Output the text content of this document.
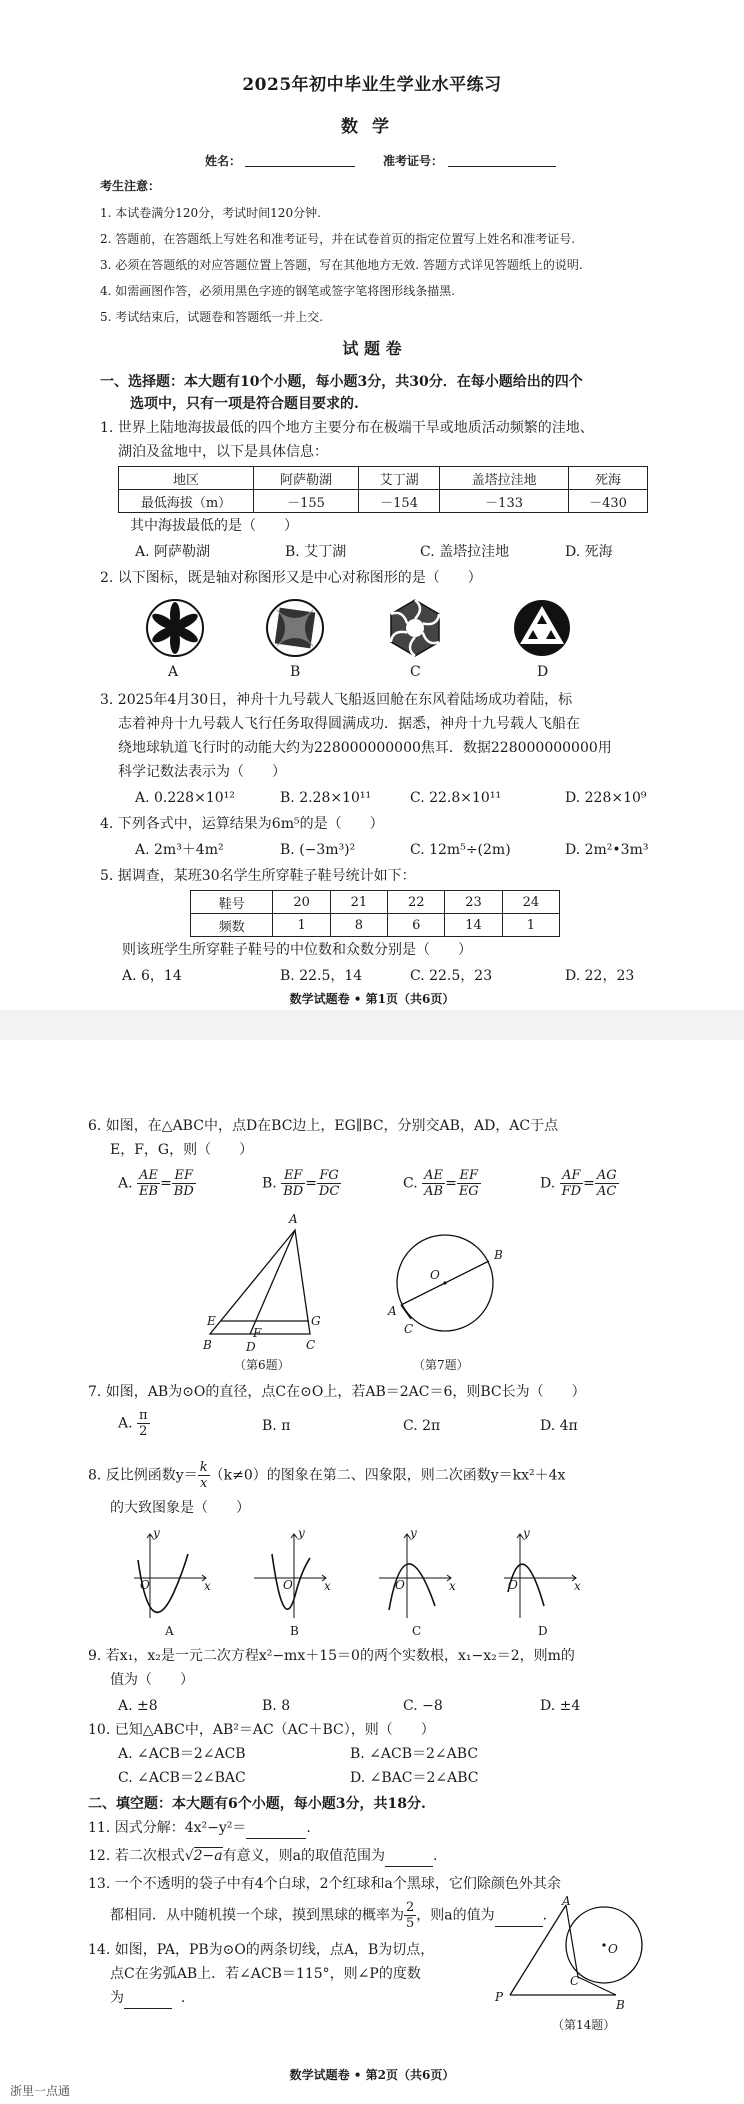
2025年初中毕业生学业水平练习
数学
姓名：	准考证号：
考生注意：
1. 本试卷满分120分，考试时间120分钟.
2. 答题前，在答题纸上写姓名和准考证号，并在试卷首页的指定位置写上姓名和准考证号.
3. 必须在答题纸的对应答题位置上答题，写在其他地方无效. 答题方式详见答题纸上的说明.
4. 如需画图作答，必须用黑色字迹的钢笔或签字笔将图形线条描黑.
5. 考试结束后，试题卷和答题纸一并上交.
试 题 卷
一、选择题：本大题有10个小题，每小题3分，共30分．在每小题给出的四个
选项中，只有一项是符合题目要求的.
1. 世界上陆地海拔最低的四个地方主要分布在极端干旱或地质活动频繁的洼地、
湖泊及盆地中，以下是具体信息：
地区	阿萨勒湖	艾丁湖	盖塔拉洼地	死海
最低海拔（m）	－155	－154	－133	－430
其中海拔最低的是（　　）
A. 阿萨勒湖	B. 艾丁湖	C. 盖塔拉洼地	D. 死海
2. 以下图标，既是轴对称图形又是中心对称图形的是（　　）
A	B	C	D
3. 2025年4月30日，神舟十九号载人飞船返回舱在东风着陆场成功着陆，标
志着神舟十九号载人飞行任务取得圆满成功．据悉，神舟十九号载人飞船在
绕地球轨道飞行时的动能大约为228000000000焦耳．数据228000000000用
科学记数法表示为（　　）
A. 0.228×10¹²	B. 2.28×10¹¹	C. 22.8×10¹¹	D. 228×10⁹
4. 下列各式中，运算结果为6m⁵的是（　　）
A. 2m³＋4m²	B. (−3m³)²	C. 12m⁵÷(2m)	D. 2m²•3m³
5. 据调查，某班30名学生所穿鞋子鞋号统计如下：
鞋号	20	21	22	23	24
频数	1	8	6	14	1
则该班学生所穿鞋子鞋号的中位数和众数分别是（　　）
A. 6，14	B. 22.5，14	C. 22.5，23	D. 22，23
数学试题卷 • 第1页（共6页）
6. 如图，在△ABC中，点D在BC边上，EG∥BC，分别交AB，AD，AC于点
E，F，G，则（　　）
A. $\frac{AE}{EB} = \frac{EF}{BD}$	B. $\frac{EF}{BD} = \frac{FG}{DC}$	C. $\frac{AE}{AB} = \frac{EF}{EG}$	D. $\frac{AF}{FD} = \frac{AG}{AC}$
A
E
F
G
B	D	C
（第6题）
B
O
A
C
（第7题）
7. 如图，AB为⊙O的直径，点C在⊙O上，若AB＝2AC＝6，则BC长为（　　）
A. $\frac{\pi}{2}$	B. π	C. 2π	D. 4π
8. 反比例函数$y= \frac{k}{x} (k\ne 0)$的图象在第二、四象限，则二次函数y＝kx²＋4x
的大致图象是（　　）
y
O	x
y
O	x
y
O	x
y
O	x
A	B	C	D
9. 若x₁，x₂是一元二次方程x²−mx＋15＝0的两个实数根，x₁−x₂＝2，则m的
值为（　　）
A. ±8	B. 8	C. −8	D. ±4
10. 已知△ABC中，AB²＝AC（AC＋BC），则（　　）
A. ∠ACB＝2∠ACB	B. ∠ACB＝2∠ABC
C. ∠ACB＝2∠BAC	D. ∠BAC＝2∠ABC
二、填空题：本大题有6个小题，每小题3分，共18分.
11. 因式分解：4x²−y²＝	.
12. 若二次根式√2−a有意义，则a的取值范围为	.
13. 一个不透明的袋子中有4个白球，2个红球和a个黑球，它们除颜色外其余
都相同．从中随机摸一个球，摸到黑球的概率为 $\frac{2}{5}$ ，则a的值为	.
14. 如图，PA，PB为⊙O的两条切线，点A，B为切点，
点C在劣弧AB上．若∠ACB＝115°，则∠P的度数
为	.
A
O
C
P
B
（第14题）
数学试题卷 • 第2页（共6页）
浙里一点通
